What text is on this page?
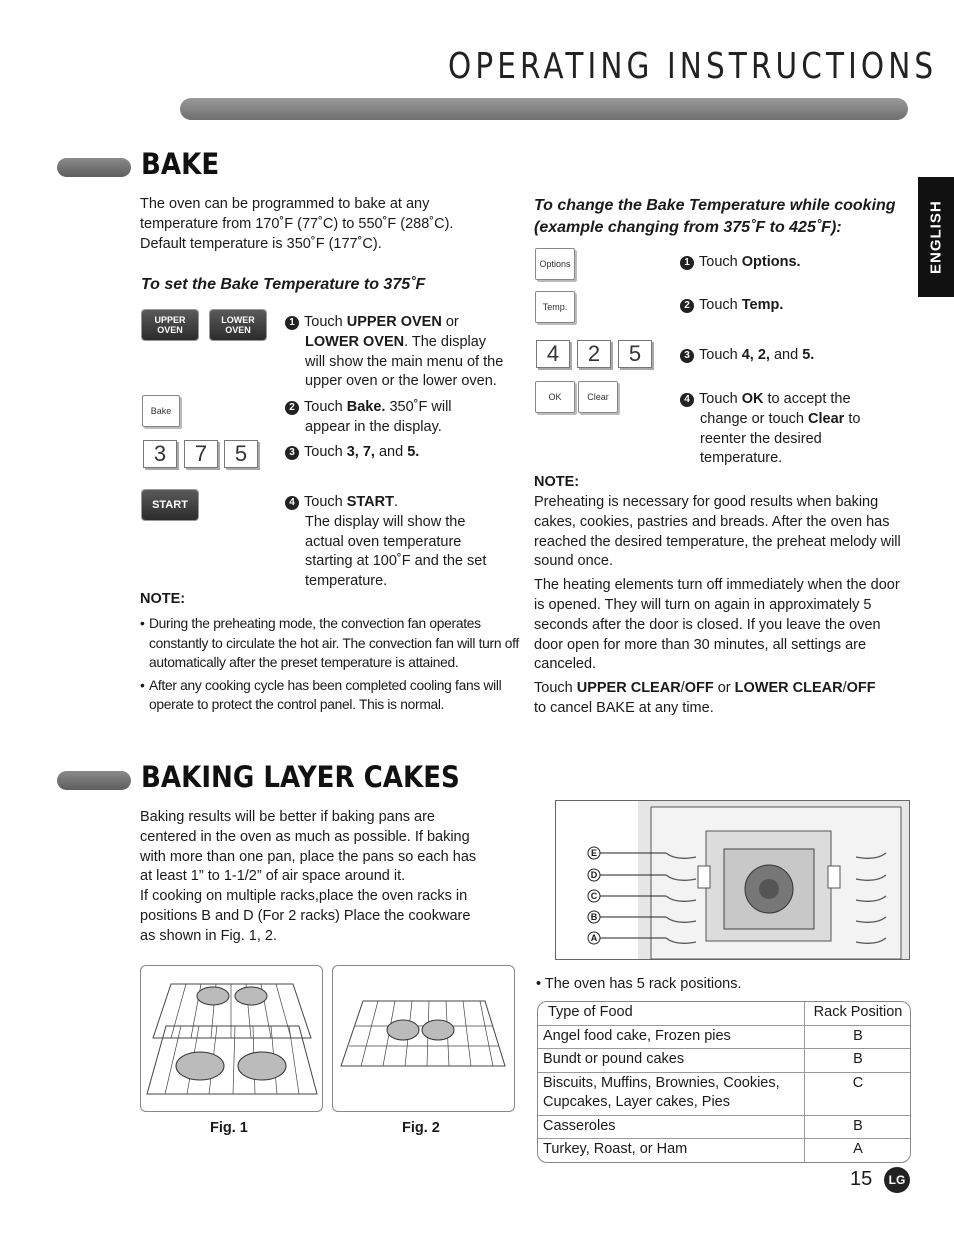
OPERATING INSTRUCTIONS
ENGLISH
BAKE
The oven can be programmed to bake at any
temperature from 170˚F (77˚C) to 550˚F (288˚C).
Default temperature is 350˚F (177˚C).
To set the Bake Temperature to 375˚F
UPPER
OVEN
LOWER
OVEN
Bake
3	7	5
START
1 Touch UPPER OVEN or
LOWER OVEN. The display
will show the main menu of the
upper oven or the lower oven.
2 Touch Bake. 350˚F will
appear in the display.
3 Touch 3, 7, and 5.
4 Touch START.
The display will show the
actual oven temperature
starting at 100˚F and the set
temperature.
NOTE:
• During the preheating mode, the convection fan operates constantly to circulate the hot air. The convection fan will turn off automatically after the preset temperature is attained.
• After any cooking cycle has been completed cooling fans will operate to protect the control panel. This is normal.
To change the Bake Temperature while cooking
(example changing from 375˚F to 425˚F):
Options
Temp.
4	2	5
OK	Clear
1 Touch Options.
2 Touch Temp.
3 Touch 4, 2, and 5.
4 Touch OK to accept the
change or touch Clear to
reenter the desired
temperature.
NOTE:
Preheating is necessary for good results when baking cakes, cookies, pastries and breads. After the oven has reached the desired temperature, the preheat melody will sound once.
The heating elements turn off immediately when the door is opened. They will turn on again in approximately 5 seconds after the door is closed. If you leave the oven door open for more than 30 minutes, all settings are canceled.
Touch UPPER CLEAR/OFF or LOWER CLEAR/OFF
to cancel BAKE at any time.
BAKING LAYER CAKES
Baking results will be better if baking pans are
centered in the oven as much as possible. If baking
with more than one pan, place the pans so each has
at least 1” to 1-1/2” of air space around it.
If cooking on multiple racks,place the oven racks in
positions B and D (For 2 racks) Place the cookware
as shown in Fig. 1, 2.
Fig. 1	Fig. 2
E
D
C
B
A
• The oven has 5 rack positions.
Type of Food	Rack Position
Angel food cake, Frozen pies	B
Bundt or pound cakes	B
Biscuits, Muffins, Brownies, Cookies, Cupcakes, Layer cakes, Pies	C
Casseroles	B
Turkey, Roast, or Ham	A
15	LG
